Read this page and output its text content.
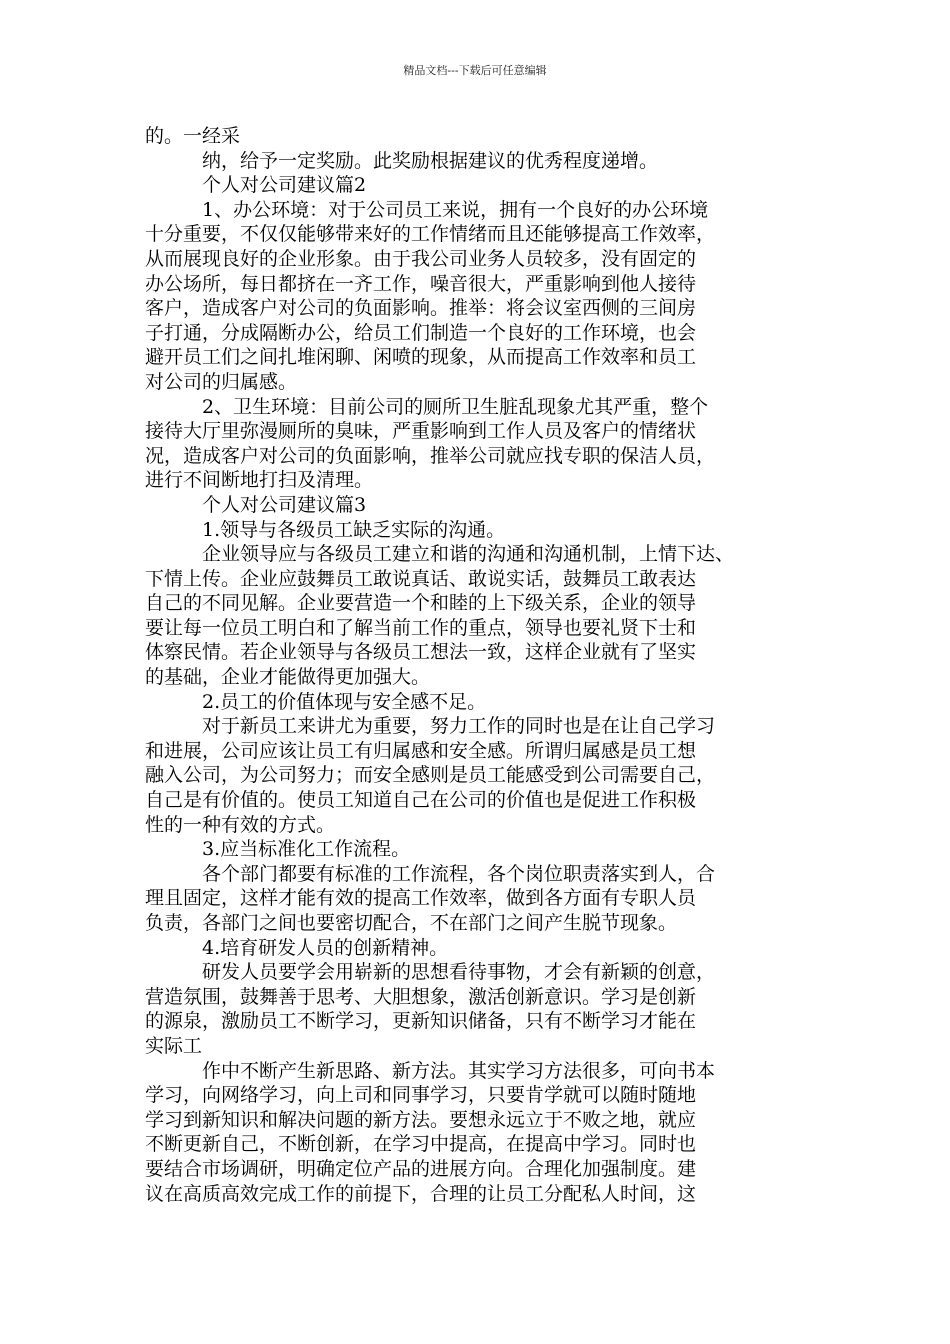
精品文档---下载后可任意编辑
的。一经采
纳，给予一定奖励。此奖励根据建议的优秀程度递增。
个人对公司建议篇2
1、办公环境：对于公司员工来说，拥有一个良好的办公环境
十分重要，不仅仅能够带来好的工作情绪而且还能够提高工作效率，
从而展现良好的企业形象。由于我公司业务人员较多，没有固定的
办公场所，每日都挤在一齐工作，噪音很大，严重影响到他人接待
客户，造成客户对公司的负面影响。推举：将会议室西侧的三间房
子打通，分成隔断办公，给员工们制造一个良好的工作环境，也会
避开员工们之间扎堆闲聊、闲喷的现象，从而提高工作效率和员工
对公司的归属感。
2、卫生环境：目前公司的厕所卫生脏乱现象尤其严重，整个
接待大厅里弥漫厕所的臭味，严重影响到工作人员及客户的情绪状
况，造成客户对公司的负面影响，推举公司就应找专职的保洁人员，
进行不间断地打扫及清理。
个人对公司建议篇3
1.领导与各级员工缺乏实际的沟通。
企业领导应与各级员工建立和谐的沟通和沟通机制，上情下达、
下情上传。企业应鼓舞员工敢说真话、敢说实话，鼓舞员工敢表达
自己的不同见解。企业要营造一个和睦的上下级关系，企业的领导
要让每一位员工明白和了解当前工作的重点，领导也要礼贤下士和
体察民情。若企业领导与各级员工想法一致，这样企业就有了坚实
的基础，企业才能做得更加强大。
2.员工的价值体现与安全感不足。
对于新员工来讲尤为重要，努力工作的同时也是在让自己学习
和进展，公司应该让员工有归属感和安全感。所谓归属感是员工想
融入公司，为公司努力；而安全感则是员工能感受到公司需要自己，
自己是有价值的。使员工知道自己在公司的价值也是促进工作积极
性的一种有效的方式。
3.应当标准化工作流程。
各个部门都要有标准的工作流程，各个岗位职责落实到人，合
理且固定，这样才能有效的提高工作效率，做到各方面有专职人员
负责，各部门之间也要密切配合，不在部门之间产生脱节现象。
4.培育研发人员的创新精神。
研发人员要学会用崭新的思想看待事物，才会有新颖的创意，
营造氛围，鼓舞善于思考、大胆想象，激活创新意识。学习是创新
的源泉，激励员工不断学习，更新知识储备，只有不断学习才能在
实际工
作中不断产生新思路、新方法。其实学习方法很多，可向书本
学习，向网络学习，向上司和同事学习，只要肯学就可以随时随地
学习到新知识和解决问题的新方法。要想永远立于不败之地，就应
不断更新自己，不断创新，在学习中提高，在提高中学习。同时也
要结合市场调研，明确定位产品的进展方向。合理化加强制度。建
议在高质高效完成工作的前提下，合理的让员工分配私人时间，这
